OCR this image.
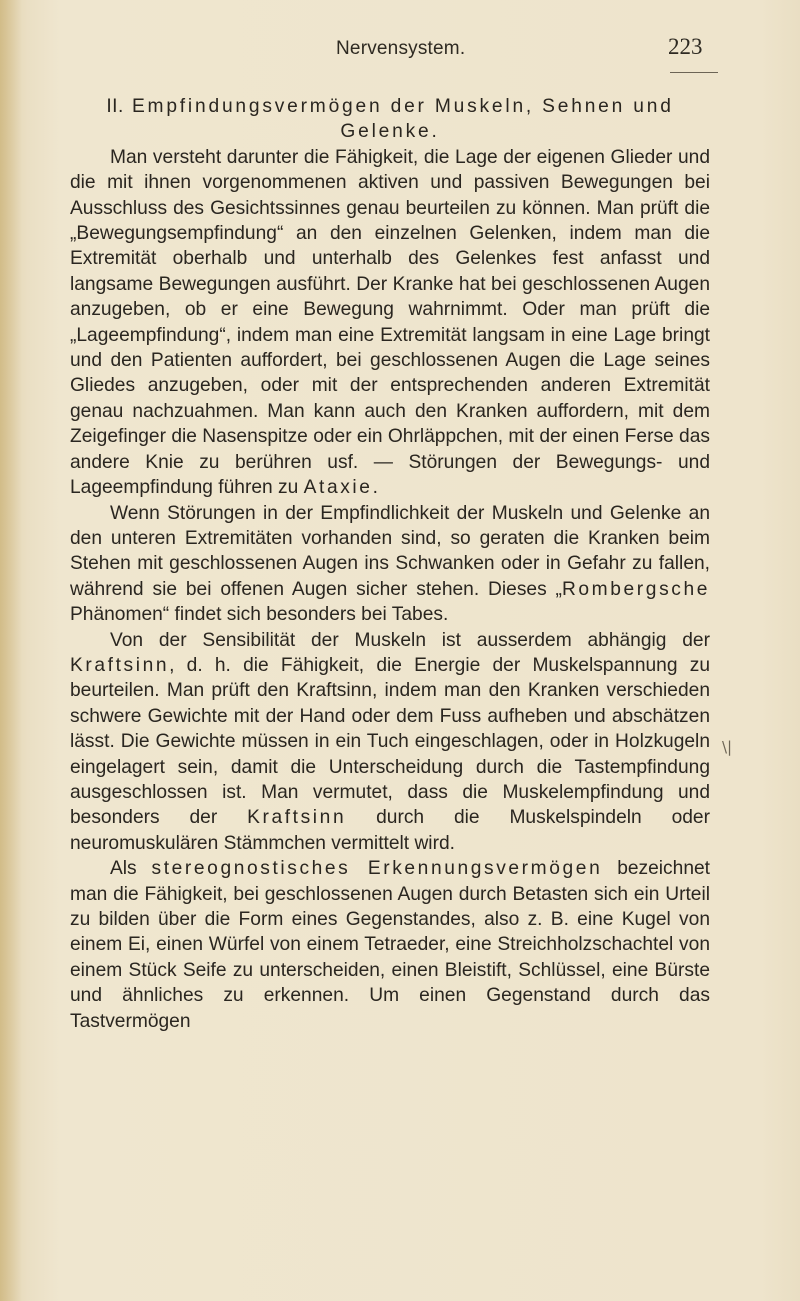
Nervensystem.	223
II. Empfindungsvermögen der Muskeln, Sehnen und Gelenke.

Man versteht darunter die Fähigkeit, die Lage der eigenen Glieder und die mit ihnen vorgenommenen aktiven und passiven Bewegungen bei Ausschluss des Gesichtssinnes genau beurteilen zu können. Man prüft die „Bewegungsempfindung“ an den einzelnen Gelenken, indem man die Extremität oberhalb und unterhalb des Gelenkes fest anfasst und langsame Bewegungen ausführt. Der Kranke hat bei geschlossenen Augen anzugeben, ob er eine Bewegung wahrnimmt. Oder man prüft die „Lageempfindung“, indem man eine Extremität langsam in eine Lage bringt und den Patienten auffordert, bei geschlossenen Augen die Lage seines Gliedes anzugeben, oder mit der entsprechenden anderen Extremität genau nachzuahmen. Man kann auch den Kranken auffordern, mit dem Zeigefinger die Nasenspitze oder ein Ohrläppchen, mit der einen Ferse das andere Knie zu berühren usf. — Störungen der Bewegungs- und Lageempfindung führen zu Ataxie.

Wenn Störungen in der Empfindlichkeit der Muskeln und Gelenke an den unteren Extremitäten vorhanden sind, so geraten die Kranken beim Stehen mit geschlossenen Augen ins Schwanken oder in Gefahr zu fallen, während sie bei offenen Augen sicher stehen. Dieses „Rombergsche Phänomen“ findet sich besonders bei Tabes.

Von der Sensibilität der Muskeln ist ausserdem abhängig der Kraftsinn, d. h. die Fähigkeit, die Energie der Muskelspannung zu beurteilen. Man prüft den Kraftsinn, indem man den Kranken verschieden schwere Gewichte mit der Hand oder dem Fuss aufheben und abschätzen lässt. Die Gewichte müssen in ein Tuch eingeschlagen, oder in Holzkugeln eingelagert sein, damit die Unterscheidung durch die Tastempfindung ausgeschlossen ist. Man vermutet, dass die Muskelempfindung und besonders der Kraftsinn durch die Muskelspindeln oder neuromuskulären Stämmchen vermittelt wird.

Als stereognostisches Erkennungsvermögen bezeichnet man die Fähigkeit, bei geschlossenen Augen durch Betasten sich ein Urteil zu bilden über die Form eines Gegenstandes, also z. B. eine Kugel von einem Ei, einen Würfel von einem Tetraeder, eine Streichholzschachtel von einem Stück Seife zu unterscheiden, einen Bleistift, Schlüssel, eine Bürste und ähnliches zu erkennen. Um einen Gegenstand durch das Tastvermögen

\|
